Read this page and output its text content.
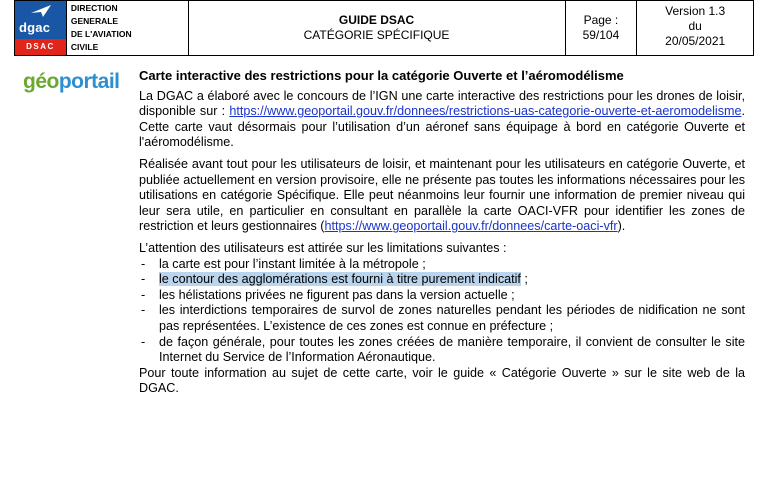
dgac
DSAC
DIRECTION
GENERALE
DE L'AVIATION
CIVILE
GUIDE DSAC
CATÉGORIE SPÉCIFIQUE
Page :
59/104
Version 1.3
du
20/05/2021
géoportail Carte interactive des restrictions pour la catégorie Ouverte et l’aéromodélisme

La DGAC a élaboré avec le concours de l’IGN une carte interactive des restrictions pour les drones de loisir, disponible sur : https://www.geoportail.gouv.fr/donnees/restrictions-uas-categorie-ouverte-et-aeromodelisme. Cette carte vaut désormais pour l’utilisation d’un aéronef sans équipage à bord en catégorie Ouverte et l'aéromodélisme.

Réalisée avant tout pour les utilisateurs de loisir, et maintenant pour les utilisateurs en catégorie Ouverte, et publiée actuellement en version provisoire, elle ne présente pas toutes les informations nécessaires pour les utilisations en catégorie Spécifique. Elle peut néanmoins leur fournir une information de premier niveau qui leur sera utile, en particulier en consultant en parallèle la carte OACI-VFR pour identifier les zones de restriction et leurs gestionnaires (https://www.geoportail.gouv.fr/donnees/carte-oaci-vfr).

L’attention des utilisateurs est attirée sur les limitations suivantes :

- la carte est pour l’instant limitée à la métropole ;
- le contour des agglomérations est fourni à titre purement indicatif ;
- les hélistations privées ne figurent pas dans la version actuelle ;
- les interdictions temporaires de survol de zones naturelles pendant les périodes de nidification ne sont pas représentées. L’existence de ces zones est connue en préfecture ;
- de façon générale, pour toutes les zones créées de manière temporaire, il convient de consulter le site Internet du Service de l’Information Aéronautique.

Pour toute information au sujet de cette carte, voir le guide « Catégorie Ouverte » sur le site web de la DGAC.
